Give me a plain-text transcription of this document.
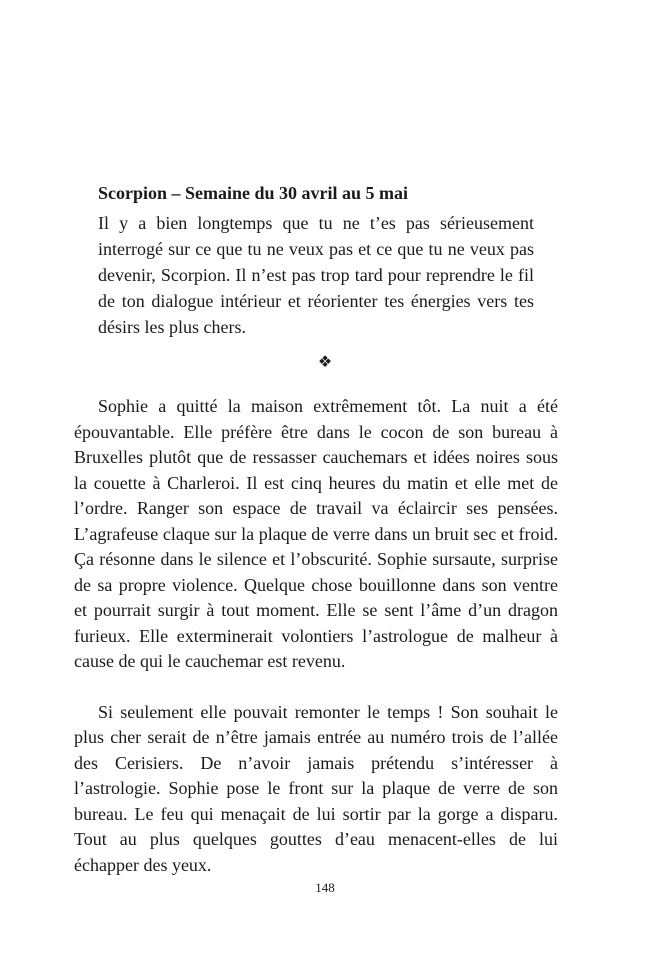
Scorpion – Semaine du 30 avril au 5 mai

Il y a bien longtemps que tu ne t’es pas sérieusement interrogé sur ce que tu ne veux pas et ce que tu ne veux pas devenir, Scorpion. Il n’est pas trop tard pour reprendre le fil de ton dialogue intérieur et réorienter tes énergies vers tes désirs les plus chers.

❖

Sophie a quitté la maison extrêmement tôt. La nuit a été épouvantable. Elle préfère être dans le cocon de son bureau à Bruxelles plutôt que de ressasser cauchemars et idées noires sous la couette à Charleroi. Il est cinq heures du matin et elle met de l’ordre. Ranger son espace de travail va éclaircir ses pensées. L’agrafeuse claque sur la plaque de verre dans un bruit sec et froid. Ça résonne dans le silence et l’obscurité. Sophie sursaute, surprise de sa propre violence. Quelque chose bouillonne dans son ventre et pourrait surgir à tout moment. Elle se sent l’âme d’un dragon furieux. Elle exterminerait volontiers l’astrologue de malheur à cause de qui le cauchemar est revenu.

Si seulement elle pouvait remonter le temps ! Son souhait le plus cher serait de n’être jamais entrée au numéro trois de l’allée des Cerisiers. De n’avoir jamais prétendu s’intéresser à l’astrologie. Sophie pose le front sur la plaque de verre de son bureau. Le feu qui menaçait de lui sortir par la gorge a disparu. Tout au plus quelques gouttes d’eau menacent-elles de lui échapper des yeux.

148
